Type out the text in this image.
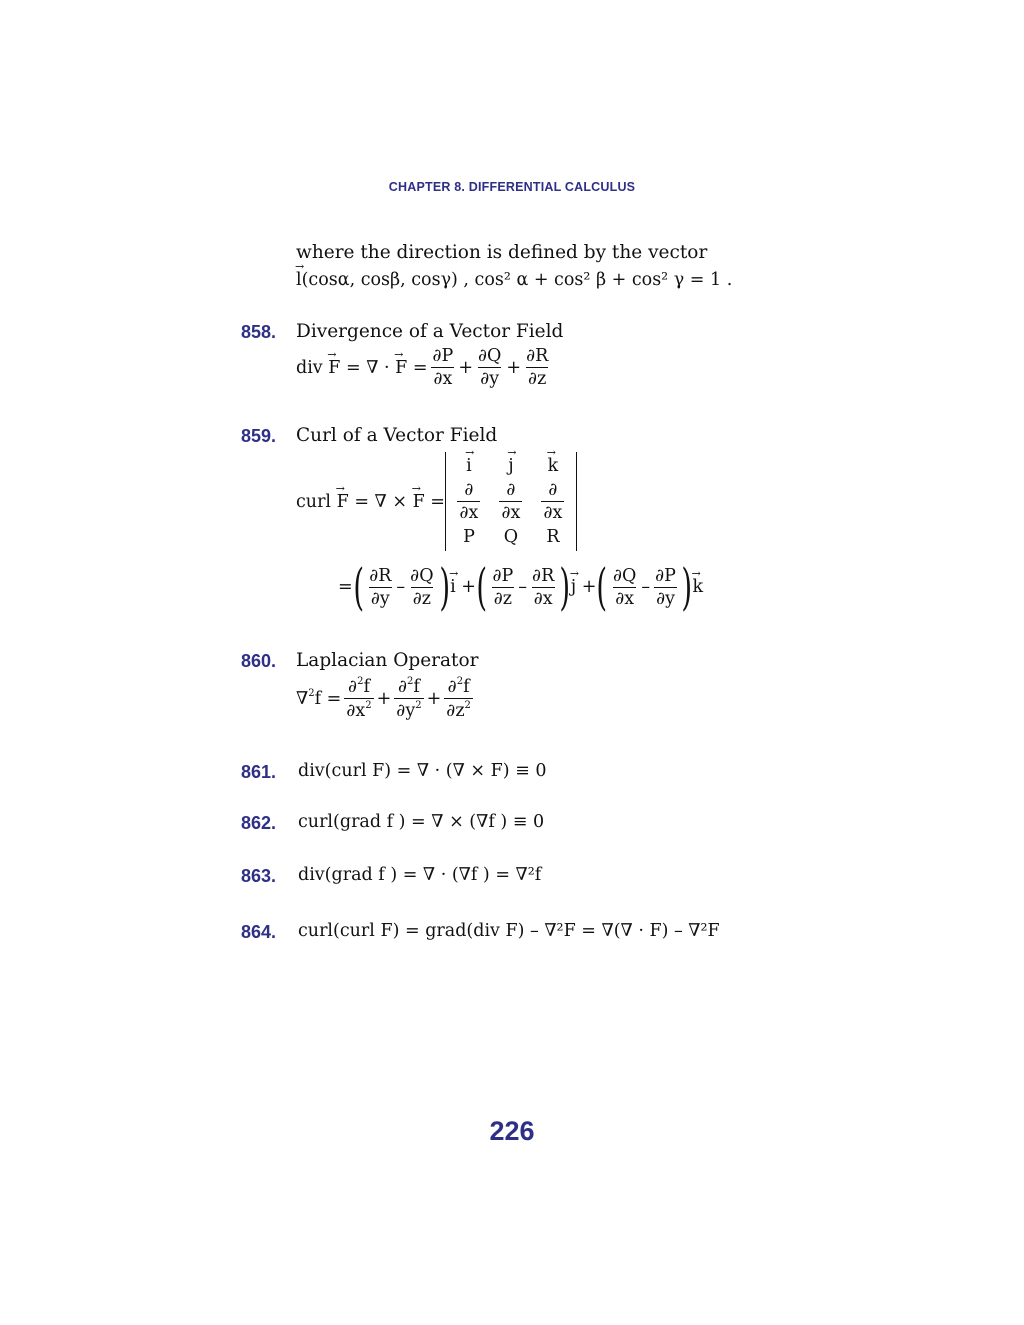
CHAPTER 8. DIFFERENTIAL CALCULUS
where the direction is defined by the vector
→
l(cosα, cosβ, cosγ) , cos² α + cos² β + cos² γ = 1 .
858. Divergence of a Vector Field
div
→
F = ∇ ·
→
$F = \frac{\partial P}{\partial x} + \frac{\partial Q}{\partial y} + \frac{\partial R}{\partial z}$
859. Curl of a Vector Field
curl
→
F = ∇ ×
→
F =
→
i
→
j
→
k
$\frac{\partial}{\partial x} \frac{\partial}{\partial x} \frac{\partial}{\partial x}$
P	Q	R
= ( $\frac{\partial R}{\partial y} - \frac{\partial Q}{\partial z}$ ) →
i + ( $\frac{\partial P}{\partial z} - \frac{\partial R}{\partial x}$ ) →
j + ( $\frac{\partial Q}{\partial x} - \frac{\partial P}{\partial y}$ ) →
k
860. Laplacian Operator
$\nabla^2f = \frac{\partial^2f}{\partial x^2} + \frac{\partial^2f}{\partial y^2} + \frac{\partial^2f}{\partial z^2}$
861. div(curl F) = ∇ · (∇ × F) ≡ 0
862. curl(grad f ) = ∇ × (∇f ) ≡ 0
863. div(grad f ) = ∇ · (∇f ) = ∇²f
864. curl(curl F) = grad(div F) – ∇²F = ∇(∇ · F) – ∇²F
226
